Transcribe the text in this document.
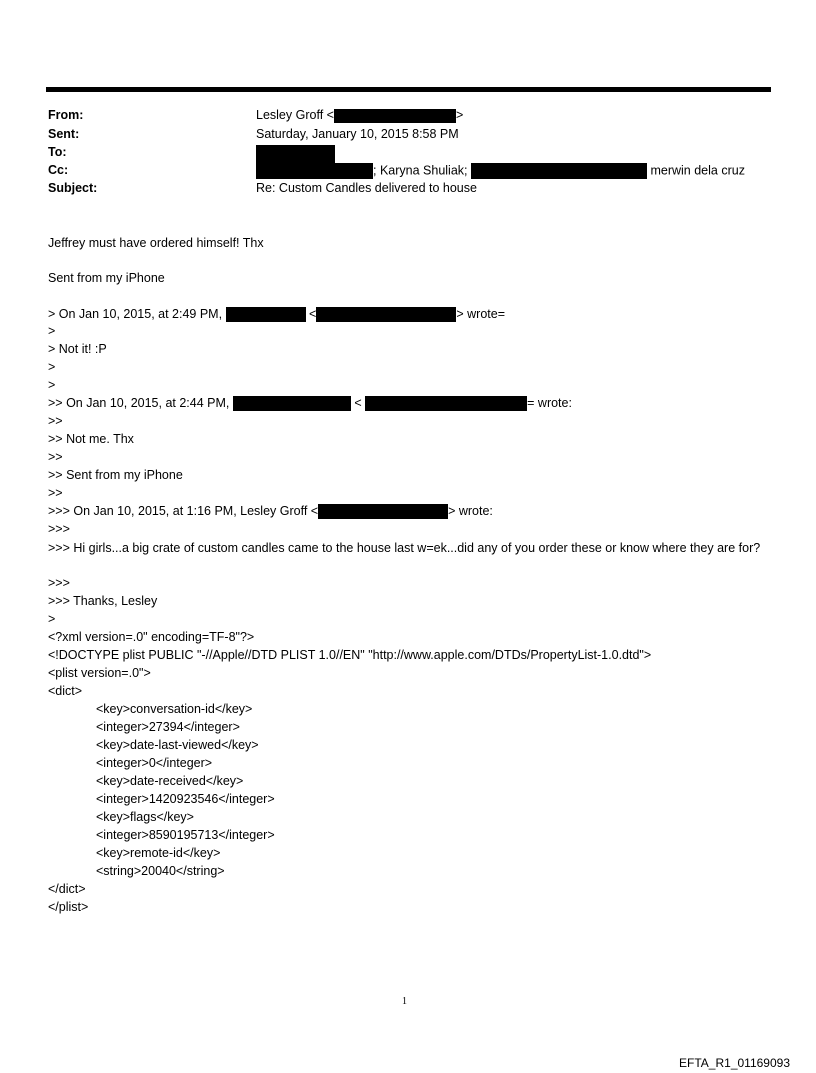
From:	Lesley Groff <	>
Sent:	Saturday, January 10, 2015 8:58 PM
To:
Cc:	; Karyna Shuliak;	merwin dela cruz
Subject:	Re: Custom Candles delivered to house
Jeffrey must have ordered himself! Thx
Sent from my iPhone
> On Jan 10, 2015, at 2:49 PM,	<	> wrote=
>
> Not it! :P
>
>
>> On Jan 10, 2015, at 2:44 PM,	<	= wrote:
>>
>> Not me. Thx
>>
>> Sent from my iPhone
>>
>>> On Jan 10, 2015, at 1:16 PM, Lesley Groff <	> wrote:
>>>
>>> Hi girls...a big crate of custom candles came to the house last w=ek...did any of you order these or know where they are for?
>>>
>>> Thanks, Lesley
>
<?xml version=.0" encoding=TF-8"?>
<!DOCTYPE plist PUBLIC "-//Apple//DTD PLIST 1.0//EN" "http://www.apple.com/DTDs/PropertyList-1.0.dtd">
<plist version=.0">
<dict>
<key>conversation-id</key>
<integer>27394</integer>
<key>date-last-viewed</key>
<integer>0</integer>
<key>date-received</key>
<integer>1420923546</integer>
<key>flags</key>
<integer>8590195713</integer>
<key>remote-id</key>
<string>20040</string>
</dict>
</plist>
1
EFTA_R1_01169093
